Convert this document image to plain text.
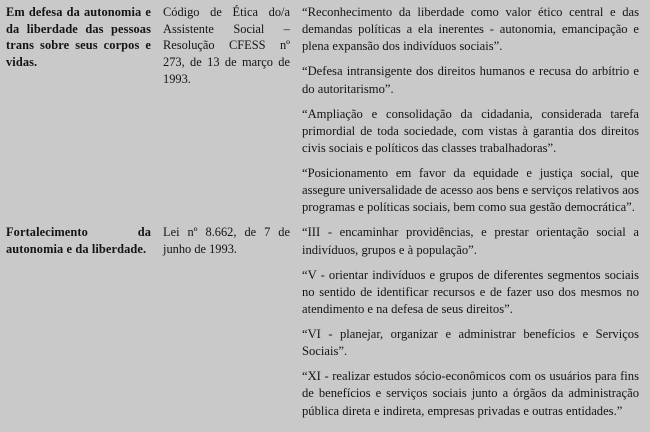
Em defesa da autonomia e da liberdade das pessoas trans sobre seus corpos e vidas.	Código de Ética do/a Assistente Social – Resolução CFESS nº 273, de 13 de março de 1993.	“Reconhecimento da liberdade como valor ético central e das demandas políticas a ela inerentes - autonomia, emancipação e plena expansão dos indivíduos sociais”.

		“Defesa intransigente dos direitos humanos e recusa do arbítrio e do autoritarismo”.

		“Ampliação e consolidação da cidadania, considerada tarefa primordial de toda sociedade, com vistas à garantia dos direitos civis sociais e políticos das classes trabalhadoras”.

		“Posicionamento em favor da equidade e justiça social, que assegure universalidade de acesso aos bens e serviços relativos aos programas e políticas sociais, bem como sua gestão democrática”.

Fortalecimento da autonomia e da liberdade.	Lei nº 8.662, de 7 de junho de 1993.	“III - encaminhar providências, e prestar orientação social a indivíduos, grupos e à população”.

		“V - orientar indivíduos e grupos de diferentes segmentos sociais no sentido de identificar recursos e de fazer uso dos mesmos no atendimento e na defesa de seus direitos”.

		“VI - planejar, organizar e administrar benefícios e Serviços Sociais”.

		“XI - realizar estudos sócio-econômicos com os usuários para fins de benefícios e serviços sociais junto a órgãos da administração pública direta e indireta, empresas privadas e outras entidades.”
